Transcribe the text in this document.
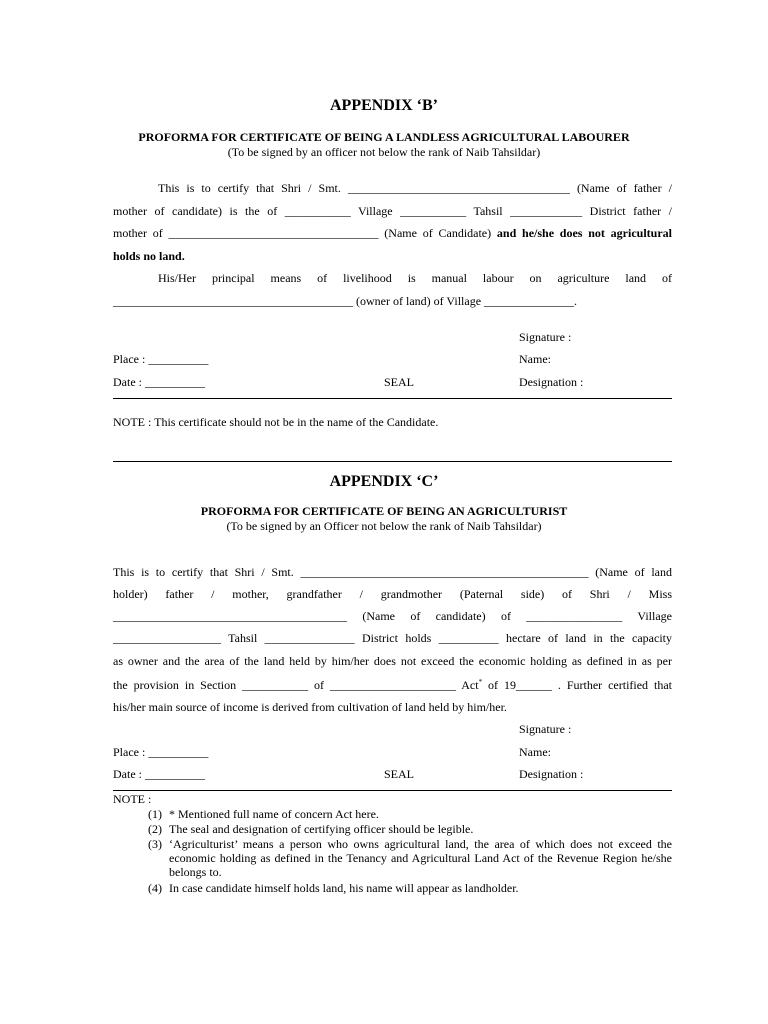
APPENDIX ‘B’
PROFORMA FOR CERTIFICATE OF BEING A LANDLESS AGRICULTURAL LABOURER
(To be signed by an officer not below the rank of Naib Tahsildar)
This is to certify that Shri / Smt. _____________________________________ (Name of father /
mother of candidate) is the of ___________ Village ___________ Tahsil ____________ District father /
mother of ___________________________________ (Name of Candidate) and he/she does not agricultural
holds no land.
His/Her principal means of livelihood is manual labour on agriculture land of
________________________________________ (owner of land) of Village _______________.
Signature :
Place : __________	Name:
Date : __________	SEAL	Designation :
NOTE : This certificate should not be in the name of the Candidate.
APPENDIX ‘C’
PROFORMA FOR CERTIFICATE OF BEING AN AGRICULTURIST
(To be signed by an Officer not below the rank of Naib Tahsildar)
This is to certify that Shri / Smt. ________________________________________________ (Name of land
holder) father / mother, grandfather / grandmother (Paternal side) of Shri / Miss
_______________________________________ (Name of candidate) of ________________ Village
__________________ Tahsil _______________ District holds __________ hectare of land in the capacity
as owner and the area of the land held by him/her does not exceed the economic holding as defined in as per
the provision in Section ___________ of _____________________ Act* of 19______ . Further certified that
his/her main source of income is derived from cultivation of land held by him/her.
Signature :
Place : __________	Name:
Date : __________	SEAL	Designation :
NOTE :
(1) * Mentioned full name of concern Act here.
(2) The seal and designation of certifying officer should be legible.
(3) ‘Agriculturist’ means a person who owns agricultural land, the area of which does not exceed the economic holding as defined in the Tenancy and Agricultural Land Act of the Revenue Region he/she belongs to.
(4) In case candidate himself holds land, his name will appear as landholder.
